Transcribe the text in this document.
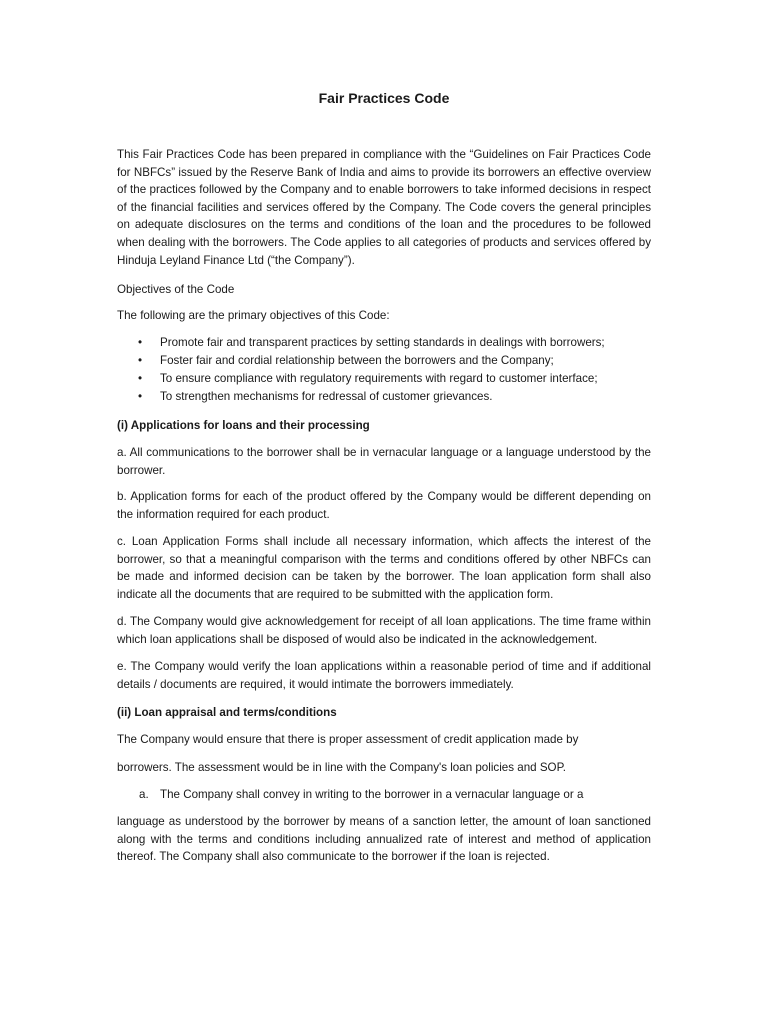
Fair Practices Code

This Fair Practices Code has been prepared in compliance with the “Guidelines on Fair Practices Code for NBFCs” issued by the Reserve Bank of India and aims to provide its borrowers an effective overview of the practices followed by the Company and to enable borrowers to take informed decisions in respect of the financial facilities and services offered by the Company. The Code covers the general principles on adequate disclosures on the terms and conditions of the loan and the procedures to be followed when dealing with the borrowers. The Code applies to all categories of products and services offered by Hinduja Leyland Finance Ltd (“the Company”).

Objectives of the Code

The following are the primary objectives of this Code:

• Promote fair and transparent practices by setting standards in dealings with borrowers;
• Foster fair and cordial relationship between the borrowers and the Company;
• To ensure compliance with regulatory requirements with regard to customer interface;
• To strengthen mechanisms for redressal of customer grievances.

(i) Applications for loans and their processing

a. All communications to the borrower shall be in vernacular language or a language understood by the borrower.

b. Application forms for each of the product offered by the Company would be different depending on the information required for each product.

c. Loan Application Forms shall include all necessary information, which affects the interest of the borrower, so that a meaningful comparison with the terms and conditions offered by other NBFCs can be made and informed decision can be taken by the borrower. The loan application form shall also indicate all the documents that are required to be submitted with the application form.

d. The Company would give acknowledgement for receipt of all loan applications. The time frame within which loan applications shall be disposed of would also be indicated in the acknowledgement.

e. The Company would verify the loan applications within a reasonable period of time and if additional details / documents are required, it would intimate the borrowers immediately.

(ii) Loan appraisal and terms/conditions

The Company would ensure that there is proper assessment of credit application made by

borrowers. The assessment would be in line with the Company's loan policies and SOP.

a. The Company shall convey in writing to the borrower in a vernacular language or a

language as understood by the borrower by means of a sanction letter, the amount of loan sanctioned along with the terms and conditions including annualized rate of interest and method of application thereof. The Company shall also communicate to the borrower if the loan is rejected.
